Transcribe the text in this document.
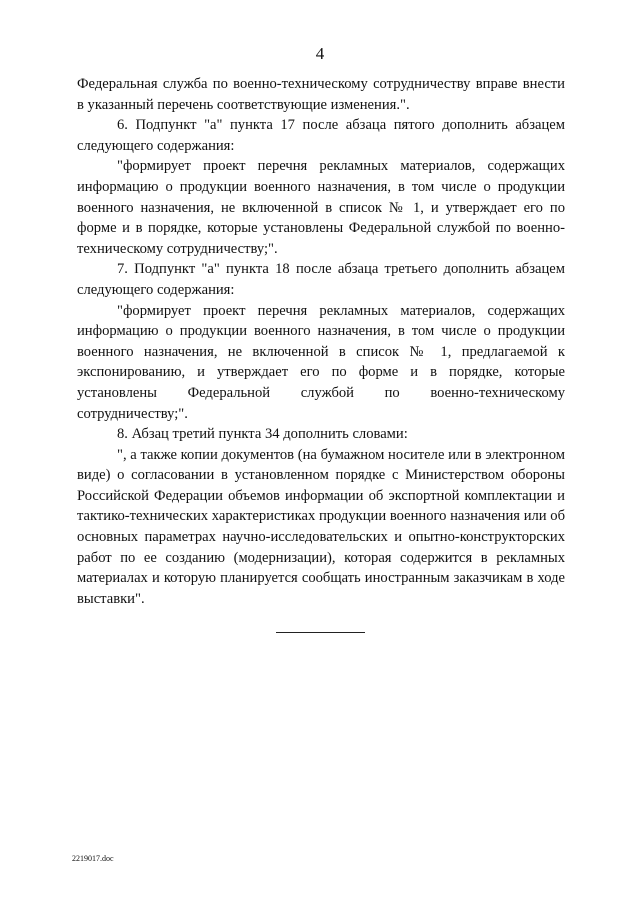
4

Федеральная служба по военно-техническому сотрудничеству вправе внести в указанный перечень соответствующие изменения.".

6. Подпункт "а" пункта 17 после абзаца пятого дополнить абзацем следующего содержания:

"формирует проект перечня рекламных материалов, содержащих информацию о продукции военного назначения, в том числе о продукции военного назначения, не включенной в список № 1, и утверждает его по форме и в порядке, которые установлены Федеральной службой по военно-техническому сотрудничеству;".

7. Подпункт "а" пункта 18 после абзаца третьего дополнить абзацем следующего содержания:

"формирует проект перечня рекламных материалов, содержащих информацию о продукции военного назначения, в том числе о продукции военного назначения, не включенной в список № 1, предлагаемой к экспонированию, и утверждает его по форме и в порядке, которые установлены Федеральной службой по военно-техническому сотрудничеству;".

8. Абзац третий пункта 34 дополнить словами:

", а также копии документов (на бумажном носителе или в электронном виде) о согласовании в установленном порядке с Министерством обороны Российской Федерации объемов информации об экспортной комплектации и тактико-технических характеристиках продукции военного назначения или об основных параметрах научно-исследовательских и опытно-конструкторских работ по ее созданию (модернизации), которая содержится в рекламных материалах и которую планируется сообщать иностранным заказчикам в ходе выставки".

2219017.doc
